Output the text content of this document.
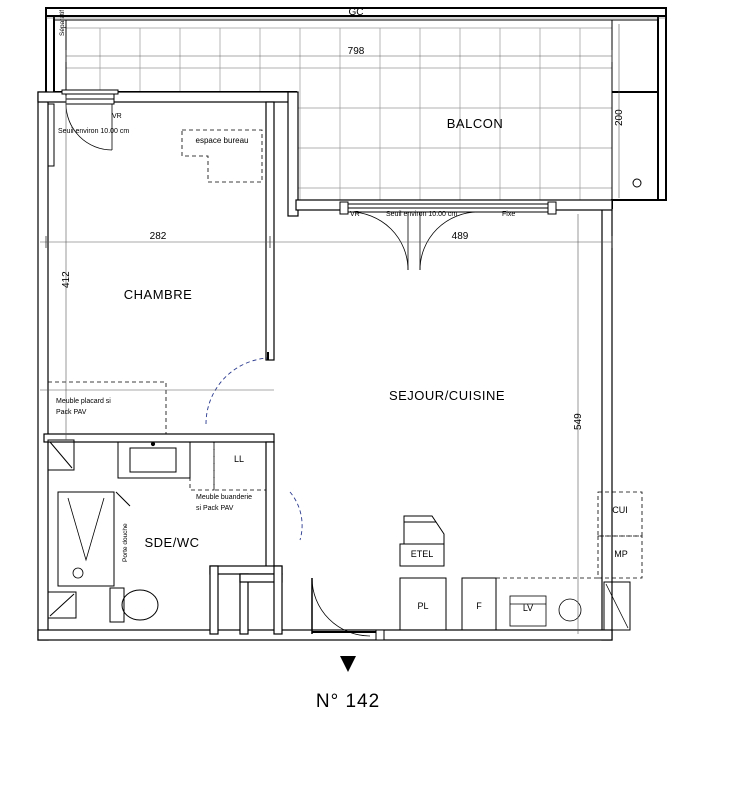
BALCON
CHAMBRE
SEJOUR/CUISINE
SDE/WC
GC
798
282	489
200
412
549
Séparatif
VR
Seuil environ 10.00 cm
espace bureau
VR	Seuil environ 10.00 cm	Fixe
Meuble placard si
Pack PAV
LL
Meuble buanderie
si Pack PAV
Porte douche	ETEL
PL	F	LV
CUI
MP
N° 142
